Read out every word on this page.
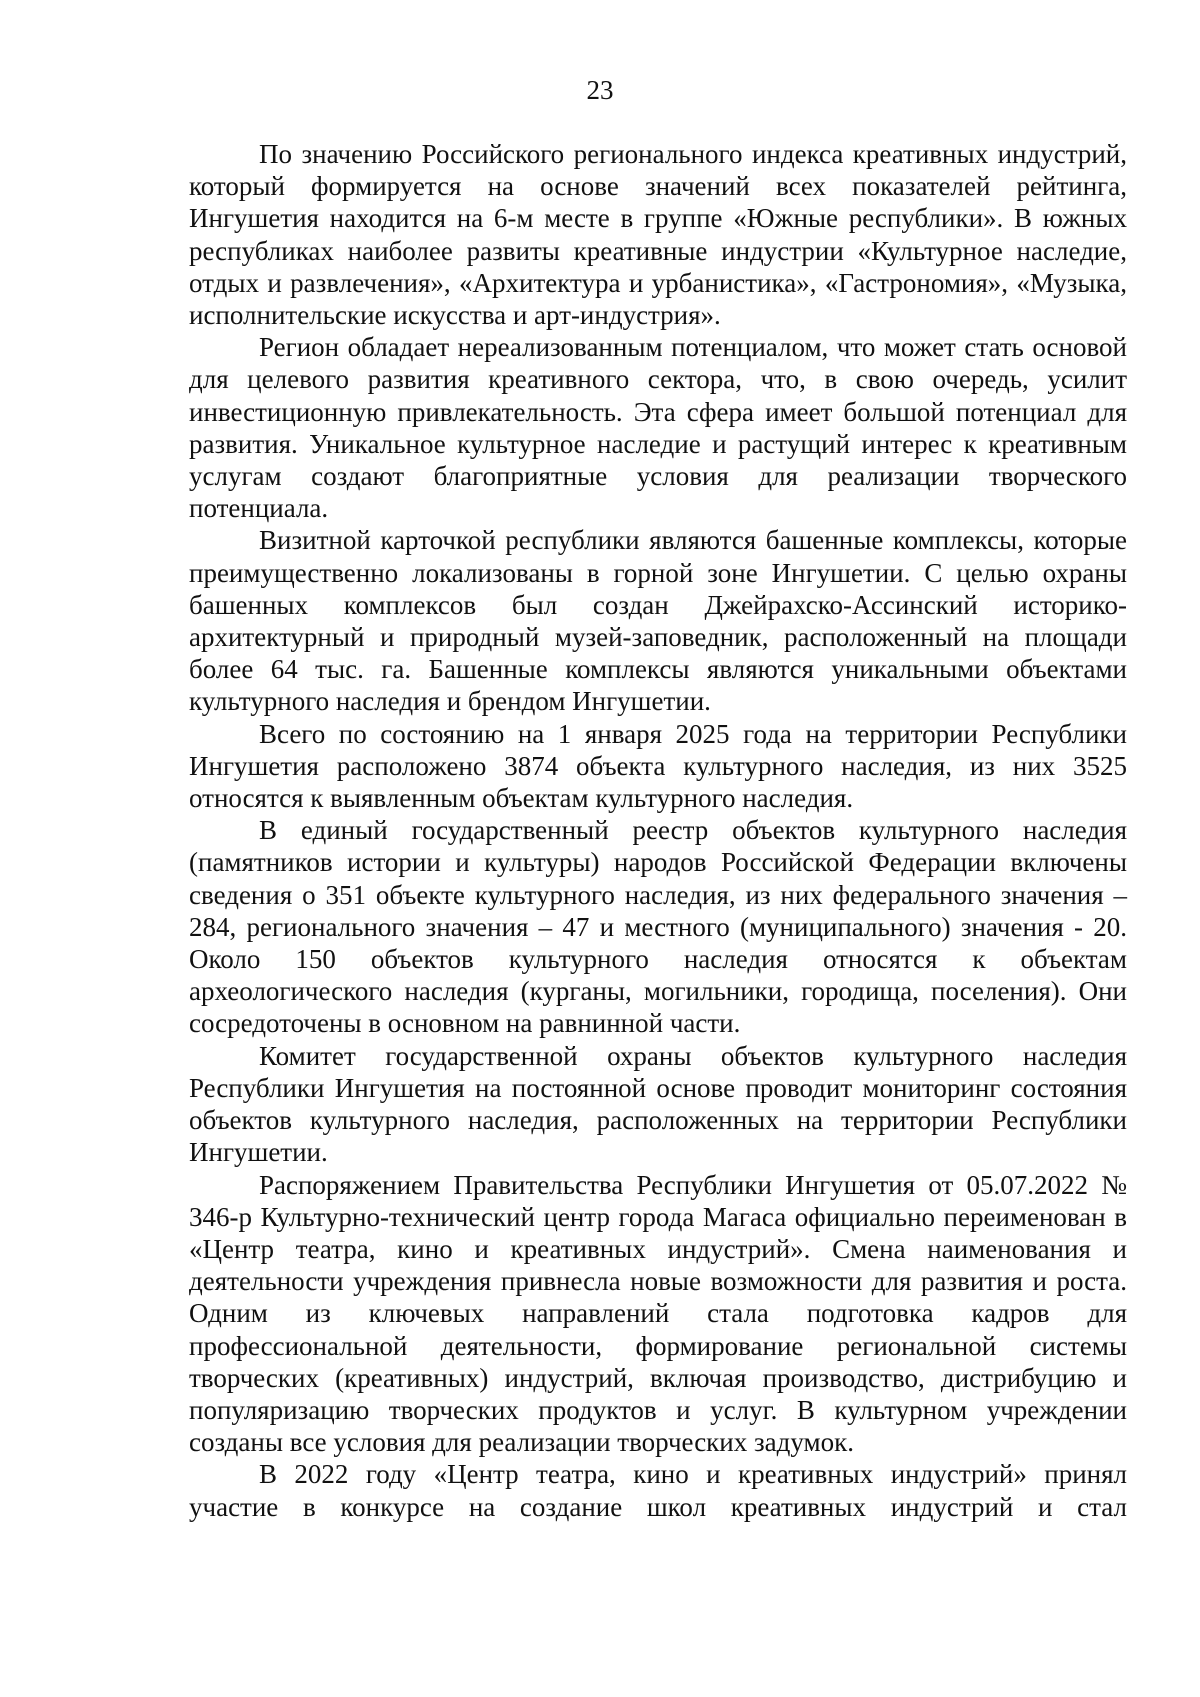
23

По значению Российского регионального индекса креативных индустрий, который формируется на основе значений всех показателей рейтинга, Ингушетия находится на 6-м месте в группе «Южные республики». В южных республиках наиболее развиты креативные индустрии «Культурное наследие, отдых и развлечения», «Архитектура и урбанистика», «Гастрономия», «Музыка, исполнительские искусства и арт-индустрия».

Регион обладает нереализованным потенциалом, что может стать основой для целевого развития креативного сектора, что, в свою очередь, усилит инвестиционную привлекательность. Эта сфера имеет большой потенциал для развития. Уникальное культурное наследие и растущий интерес к креативным услугам создают благоприятные условия для реализации творческого потенциала.

Визитной карточкой республики являются башенные комплексы, которые преимущественно локализованы в горной зоне Ингушетии. С целью охраны башенных комплексов был создан Джейрахско-Ассинский историко-архитектурный и природный музей-заповедник, расположенный на площади более 64 тыс. га. Башенные комплексы являются уникальными объектами культурного наследия и брендом Ингушетии.

Всего по состоянию на 1 января 2025 года на территории Республики Ингушетия расположено 3874 объекта культурного наследия, из них 3525 относятся к выявленным объектам культурного наследия.

В единый государственный реестр объектов культурного наследия (памятников истории и культуры) народов Российской Федерации включены сведения о 351 объекте культурного наследия, из них федерального значения – 284, регионального значения – 47 и местного (муниципального) значения - 20. Около 150 объектов культурного наследия относятся к объектам археологического наследия (курганы, могильники, городища, поселения). Они сосредоточены в основном на равнинной части.

Комитет государственной охраны объектов культурного наследия Республики Ингушетия на постоянной основе проводит мониторинг состояния объектов культурного наследия, расположенных на территории Республики Ингушетии.

Распоряжением Правительства Республики Ингушетия от 05.07.2022 № 346-р Культурно-технический центр города Магаса официально переименован в «Центр театра, кино и креативных индустрий». Смена наименования и деятельности учреждения привнесла новые возможности для развития и роста. Одним из ключевых направлений стала подготовка кадров для профессиональной деятельности, формирование региональной системы творческих (креативных) индустрий, включая производство, дистрибуцию и популяризацию творческих продуктов и услуг. В культурном учреждении созданы все условия для реализации творческих задумок.

В 2022 году «Центр театра, кино и креативных индустрий» принял участие в конкурсе на создание школ креативных индустрий и стал
